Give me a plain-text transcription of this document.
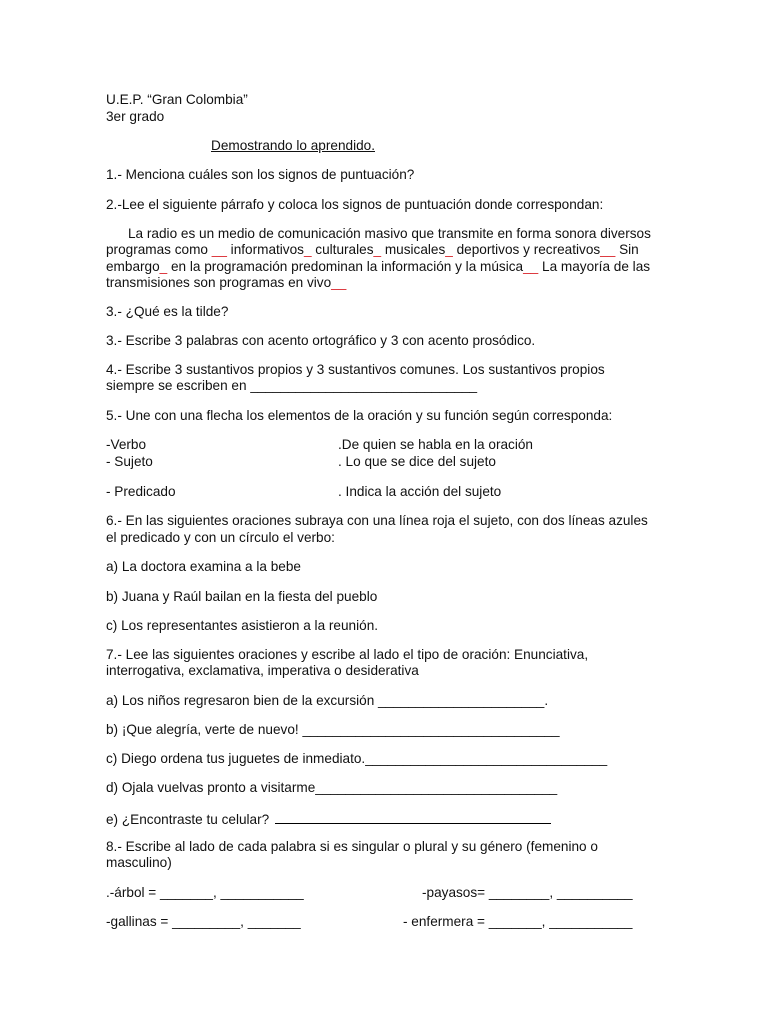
U.E.P. “Gran Colombia”
3er grado
Demostrando lo aprendido.
1.- Menciona cuáles son los signos de puntuación?
2.-Lee el siguiente párrafo y coloca los signos de puntuación donde correspondan:
La radio es un medio de comunicación masivo que transmite en forma sonora diversos
programas como __ informativos_ culturales_ musicales_ deportivos y recreativos__ Sin
embargo_ en la programación predominan la información y la música__ La mayoría de las
transmisiones son programas en vivo__
3.- ¿Qué es la tilde?
3.- Escribe 3 palabras con acento ortográfico y 3 con acento prosódico.
4.- Escribe 3 sustantivos propios y 3 sustantivos comunes. Los sustantivos propios
siempre se escriben en ______________________________
5.- Une con una flecha los elementos de la oración y su función según corresponda:
-Verbo	.De quien se habla en la oración
- Sujeto	. Lo que se dice del sujeto
- Predicado	. Indica la acción del sujeto
6.- En las siguientes oraciones subraya con una línea roja el sujeto, con dos líneas azules
el predicado y con un círculo el verbo:
a) La doctora examina a la bebe
b) Juana y Raúl bailan en la fiesta del pueblo
c) Los representantes asistieron a la reunión.
7.- Lee las siguientes oraciones y escribe al lado el tipo de oración: Enunciativa,
interrogativa, exclamativa, imperativa o desiderativa
a) Los niños regresaron bien de la excursión ______________________.
b) ¡Que alegría, verte de nuevo! __________________________________
c) Diego ordena tus juguetes de inmediato.________________________________
d) Ojala vuelvas pronto a visitarme________________________________
e) ¿Encontraste tu celular?
8.- Escribe al lado de cada palabra si es singular o plural y su género (femenino o
masculino)
.-árbol = _______, ___________	-payasos= ________, __________
-gallinas = _________, _______	- enfermera = _______, ___________
